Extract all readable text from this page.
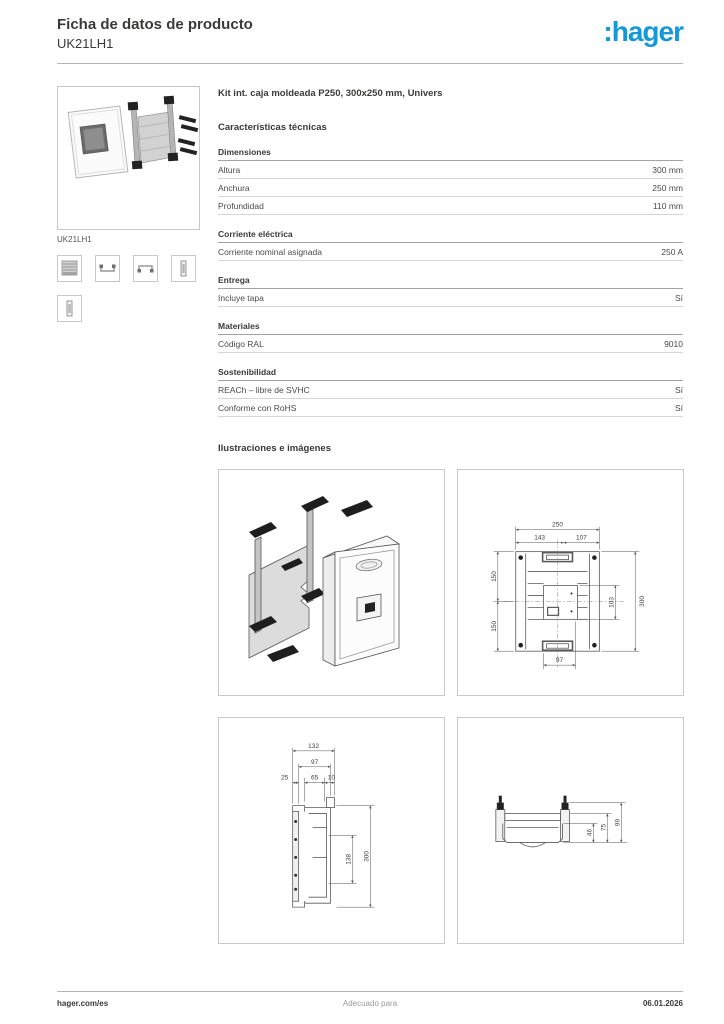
Ficha de datos de producto
UK21LH1	:hager
UK21LH1
Kit int. caja moldeada P250, 300x250 mm, Univers
Características técnicas
Dimensiones
Altura	300 mm
Anchura	250 mm
Profundidad	110 mm
Corriente eléctrica
Corriente nominal asignada	250 A
Entrega
Incluye tapa	Sí
Materiales
Código RAL	9010
Sostenibilidad
REACh – libre de SVHC	Sí
Conforme con RoHS	Sí
Ilustraciones e imágenes
250
143	107
150
150
103	300
97
132
97
25	65 10
138 300
46
75
99
hager.com/es	Adecuado para	06.01.2026
